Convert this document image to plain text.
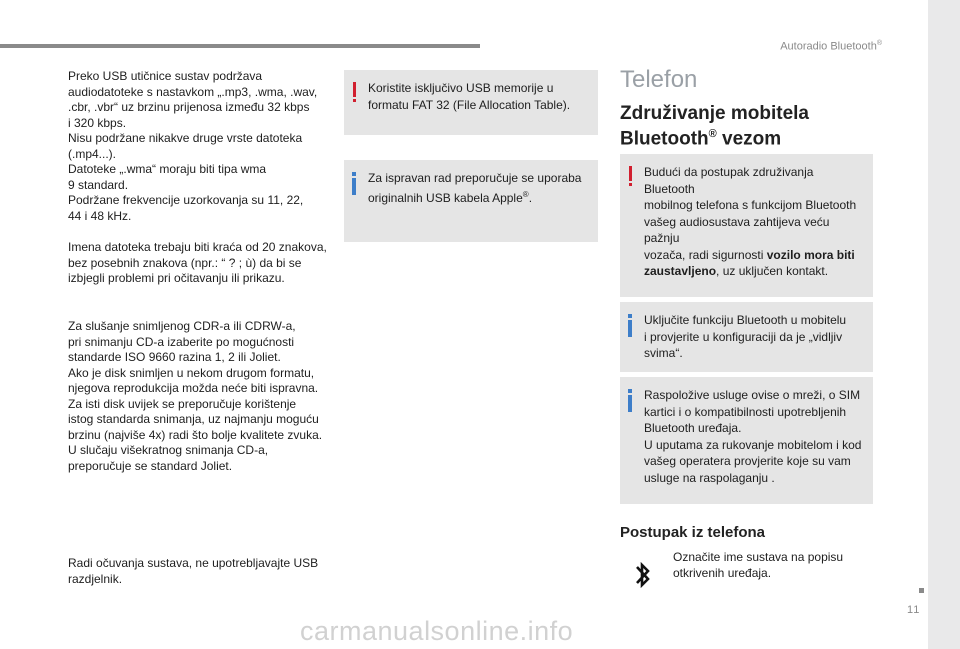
Autoradio Bluetooth®
11

Preko USB utičnice sustav podržava
audiodatoteke s nastavkom „.mp3, .wma, .wav,
.cbr, .vbr“ uz brzinu prijenosa između 32 kbps
i 320 kbps.
Nisu podržane nikakve druge vrste datoteka
(.mp4...).
Datoteke „.wma“ moraju biti tipa wma
9 standard.
Podržane frekvencije uzorkovanja su 11, 22,
44 i 48 kHz.

Imena datoteka trebaju biti kraća od 20 znakova,
bez posebnih znakova (npr.: “ ? ; ù) da bi se
izbjegli problemi pri očitavanju ili prikazu.

Za slušanje snimljenog CDR-a ili CDRW-a,
pri snimanju CD-a izaberite po mogućnosti
standarde ISO 9660 razina 1, 2 ili Joliet.
Ako je disk snimljen u nekom drugom formatu,
njegova reprodukcija možda neće biti ispravna.
Za isti disk uvijek se preporučuje korištenje
istog standarda snimanja, uz najmanju moguću
brzinu (najviše 4x) radi što bolje kvalitete zvuka.
U slučaju višekratnog snimanja CD-a,
preporučuje se standard Joliet.

Radi očuvanja sustava, ne upotrebljavajte USB
razdjelnik.

Koristite isključivo USB memorije u
formatu FAT 32 (File Allocation Table).
Za ispravan rad preporučuje se uporaba
originalnih USB kabela Apple®.
Telefon
Združivanje mobitela
Bluetooth® vezom
Budući da postupak združivanja Bluetooth
mobilnog telefona s funkcijom Bluetooth
vašeg audiosustava zahtijeva veću pažnju
vozača, radi sigurnosti vozilo mora biti
zaustavljeno, uz uključen kontakt.
Uključite funkciju Bluetooth u mobitelu
i provjerite u konfiguraciji da je „vidljiv
svima“.
Raspoložive usluge ovise o mreži, o SIM
kartici i o kompatibilnosti upotrebljenih
Bluetooth uređaja.
U uputama za rukovanje mobitelom i kod
vašeg operatera provjerite koje su vam
usluge na raspolaganju .
Postupak iz telefona

Označite ime sustava na popisu
otkrivenih uređaja.

carmanualsonline.info
